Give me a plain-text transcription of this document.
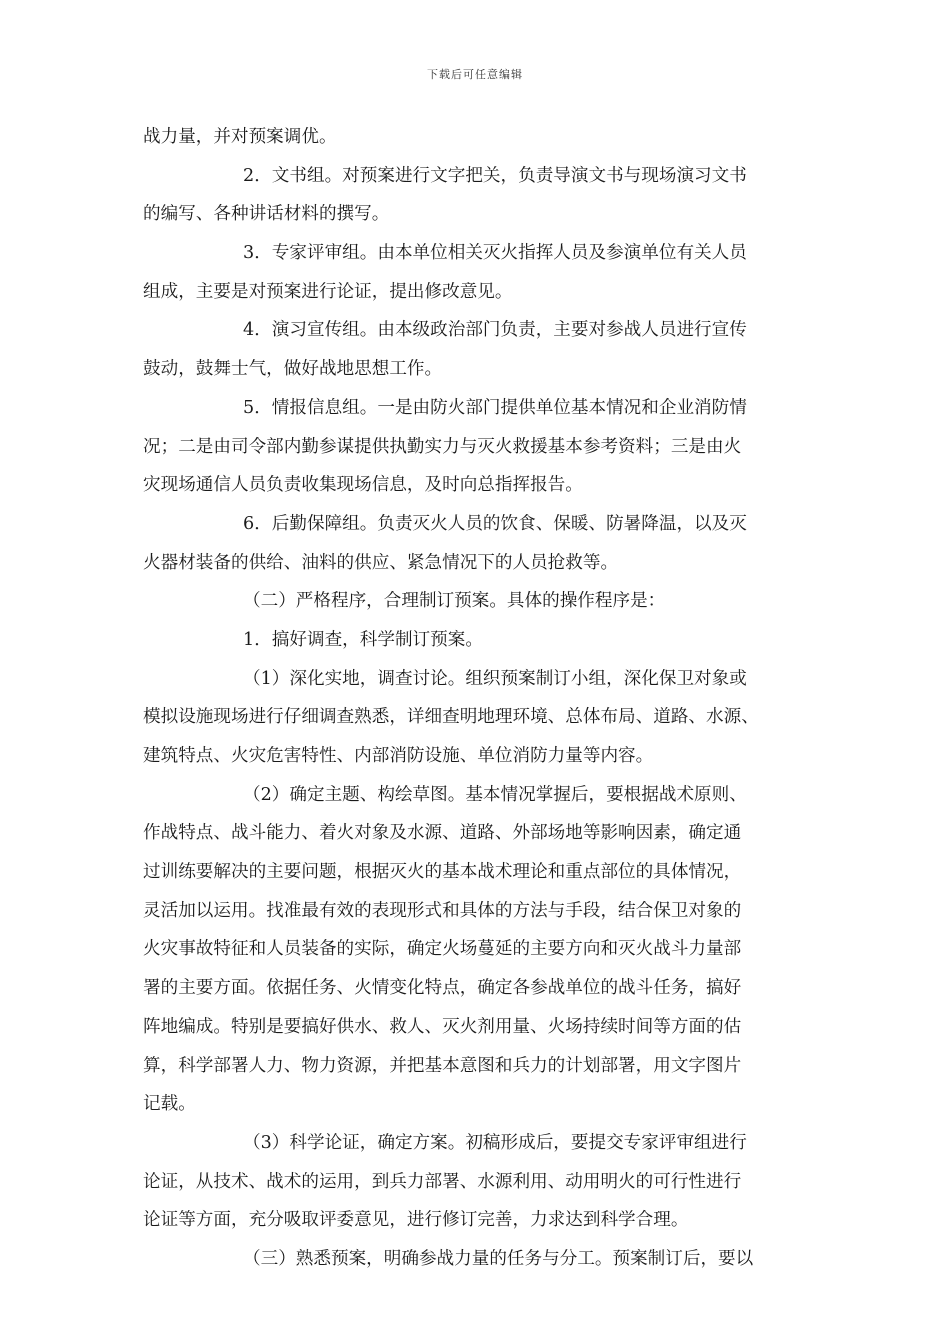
下载后可任意编辑
战力量，并对预案调优。
2．文书组。对预案进行文字把关，负责导演文书与现场演习文书
的编写、各种讲话材料的撰写。
3．专家评审组。由本单位相关灭火指挥人员及参演单位有关人员
组成，主要是对预案进行论证，提出修改意见。
4．演习宣传组。由本级政治部门负责，主要对参战人员进行宣传
鼓动，鼓舞士气，做好战地思想工作。
5．情报信息组。一是由防火部门提供单位基本情况和企业消防情
况；二是由司令部内勤参谋提供执勤实力与灭火救援基本参考资料；三是由火
灾现场通信人员负责收集现场信息，及时向总指挥报告。
6．后勤保障组。负责灭火人员的饮食、保暖、防暑降温，以及灭
火器材装备的供给、油料的供应、紧急情况下的人员抢救等。
（二）严格程序，合理制订预案。具体的操作程序是：
1．搞好调查，科学制订预案。
（1）深化实地，调查讨论。组织预案制订小组，深化保卫对象或
模拟设施现场进行仔细调查熟悉，详细查明地理环境、总体布局、道路、水源、
建筑特点、火灾危害特性、内部消防设施、单位消防力量等内容。
（2）确定主题、构绘草图。基本情况掌握后，要根据战术原则、
作战特点、战斗能力、着火对象及水源、道路、外部场地等影响因素，确定通
过训练要解决的主要问题，根据灭火的基本战术理论和重点部位的具体情况，
灵活加以运用。找准最有效的表现形式和具体的方法与手段，结合保卫对象的
火灾事故特征和人员装备的实际，确定火场蔓延的主要方向和灭火战斗力量部
署的主要方面。依据任务、火情变化特点，确定各参战单位的战斗任务，搞好
阵地编成。特别是要搞好供水、救人、灭火剂用量、火场持续时间等方面的估
算，科学部署人力、物力资源，并把基本意图和兵力的计划部署，用文字图片
记载。
（3）科学论证，确定方案。初稿形成后，要提交专家评审组进行
论证，从技术、战术的运用，到兵力部署、水源利用、动用明火的可行性进行
论证等方面，充分吸取评委意见，进行修订完善，力求达到科学合理。
（三）熟悉预案，明确参战力量的任务与分工。预案制订后，要以
